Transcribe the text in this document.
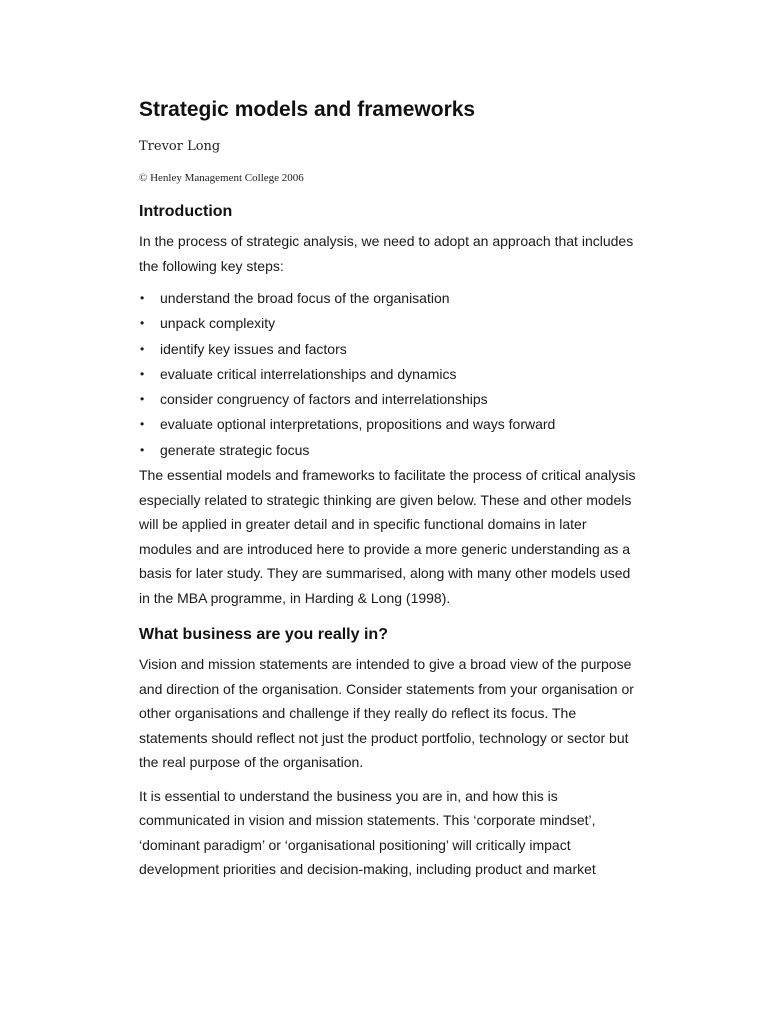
Strategic models and frameworks

Trevor Long

© Henley Management College 2006

Introduction

In the process of strategic analysis, we need to adopt an approach that includes the following key steps:

• understand the broad focus of the organisation
• unpack complexity
• identify key issues and factors
• evaluate critical interrelationships and dynamics
• consider congruency of factors and interrelationships
• evaluate optional interpretations, propositions and ways forward
• generate strategic focus

The essential models and frameworks to facilitate the process of critical analysis especially related to strategic thinking are given below. These and other models will be applied in greater detail and in specific functional domains in later modules and are introduced here to provide a more generic understanding as a basis for later study. They are summarised, along with many other models used in the MBA programme, in Harding & Long (1998).

What business are you really in?

Vision and mission statements are intended to give a broad view of the purpose and direction of the organisation. Consider statements from your organisation or other organisations and challenge if they really do reflect its focus. The statements should reflect not just the product portfolio, technology or sector but the real purpose of the organisation.

It is essential to understand the business you are in, and how this is communicated in vision and mission statements. This ‘corporate mindset’, ‘dominant paradigm’ or ‘organisational positioning’ will critically impact development priorities and decision-making, including product and market
